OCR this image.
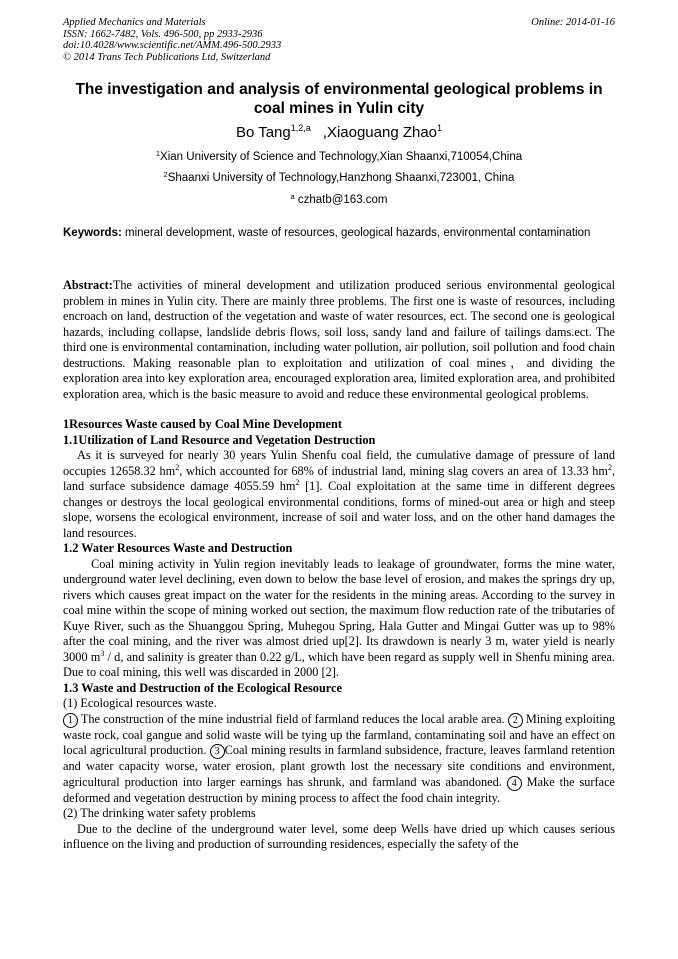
Applied Mechanics and Materials
ISSN: 1662-7482, Vols. 496-500, pp 2933-2936
doi:10.4028/www.scientific.net/AMM.496-500.2933
© 2014 Trans Tech Publications Ltd, Switzerland
Online: 2014-01-16
The investigation and analysis of environmental geological problems in coal mines in Yulin city
Bo Tang$^{1,2,a}$ ,Xiaoguang Zhao$^1$
$^1$Xian University of Science and Technology,Xian Shaanxi,710054,China
$^2$Shaanxi University of Technology,Hanzhong Shaanxi,723001, China
$^a$ czhatb@163.com
Keywords: mineral development, waste of resources, geological hazards, environmental contamination

Abstract:The activities of mineral development and utilization produced serious environmental geological problem in mines in Yulin city. There are mainly three problems. The first one is waste of resources, including encroach on land, destruction of the vegetation and waste of water resources, ect. The second one is geological hazards, including collapse, landslide debris flows, soil loss, sandy land and failure of tailings dams.ect. The third one is environmental contamination, including water pollution, air pollution, soil pollution and food chain destructions. Making reasonable plan to exploitation and utilization of coal mines，and dividing the exploration area into key exploration area, encouraged exploration area, limited exploration area, and prohibited exploration area, which is the basic measure to avoid and reduce these environmental geological problems.

1Resources Waste caused by Coal Mine Development

1.1Utilization of Land Resource and Vegetation Destruction

As it is surveyed for nearly 30 years Yulin Shenfu coal field, the cumulative damage of pressure of land occupies 12658.32 $hm^2$, which accounted for 68% of industrial land, mining slag covers an area of 13.33 $hm^2$, land surface subsidence damage 4055.59 $hm^2$ [1]. Coal exploitation at the same time in different degrees changes or destroys the local geological environmental conditions, forms of mined-out area or high and steep slope, worsens the ecological environment, increase of soil and water loss, and on the other hand damages the land resources.

1.2 Water Resources Waste and Destruction

Coal mining activity in Yulin region inevitably leads to leakage of groundwater, forms the mine water, underground water level declining, even down to below the base level of erosion, and makes the springs dry up, rivers which causes great impact on the water for the residents in the mining areas. According to the survey in coal mine within the scope of mining worked out section, the maximum flow reduction rate of the tributaries of Kuye River, such as the Shuanggou Spring, Muhegou Spring, Hala Gutter and Mingai Gutter was up to 98% after the coal mining, and the river was almost dried up[2]. Its drawdown is nearly 3 m, water yield is nearly 3000 $m^3$ / d, and salinity is greater than 0.22 g/L, which have been regard as supply well in Shenfu mining area. Due to coal mining, this well was discarded in 2000 [2].

1.3 Waste and Destruction of the Ecological Resource

(1) Ecological resources waste.

1 The construction of the mine industrial field of farmland reduces the local arable area. 2 Mining exploiting waste rock, coal gangue and solid waste will be tying up the farmland, contaminating soil and have an effect on local agricultural production. 3 Coal mining results in farmland subsidence, fracture, leaves farmland retention and water capacity worse, water erosion, plant growth lost the necessary site conditions and environment, agricultural production into larger earnings has shrunk, and farmland was abandoned. 4 Make the surface deformed and vegetation destruction by mining process to affect the food chain integrity.

(2) The drinking water safety problems

Due to the decline of the underground water level, some deep Wells have dried up which causes serious influence on the living and production of surrounding residences, especially the safety of the
